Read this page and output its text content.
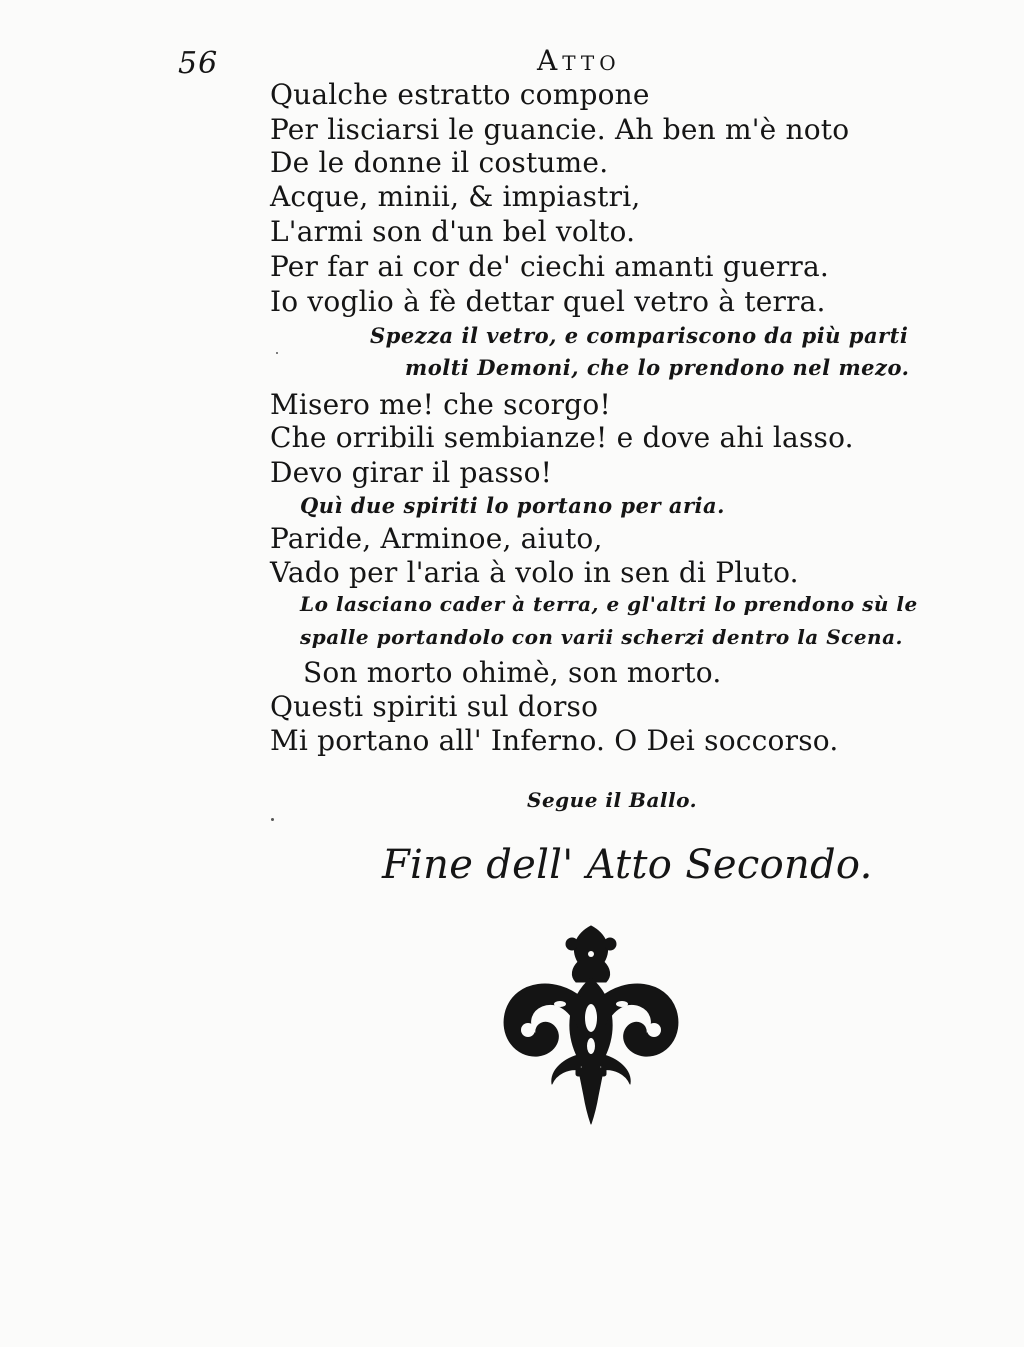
56	Atto
Qualche estratto compone
Per lisciarsi le guancie. Ah ben m'è noto
De le donne il costume.
Acque, minii, & impiastri,
L'armi son d'un bel volto.
Per far ai cor de' ciechi amanti guerra.
Io voglio à fè dettar quel vetro à terra.
Spezza il vetro, e compariscono da più parti
molti Demoni, che lo prendono nel mezo.
Misero me! che scorgo!
Che orribili sembianze! e dove ahi lasso.
Devo girar il passo!
Quì due spiriti lo portano per aria.
Paride, Arminoe, aiuto,
Vado per l'aria à volo in sen di Pluto.
Lo lasciano cader à terra, e gl'altri lo prendono sù le
spalle portandolo con varii scherzi dentro la Scena.
Son morto ohimè, son morto.
Questi spiriti sul dorso
Mi portano all' Inferno. O Dei soccorso.
Segue il Ballo.
Fine dell' Atto Secondo.
